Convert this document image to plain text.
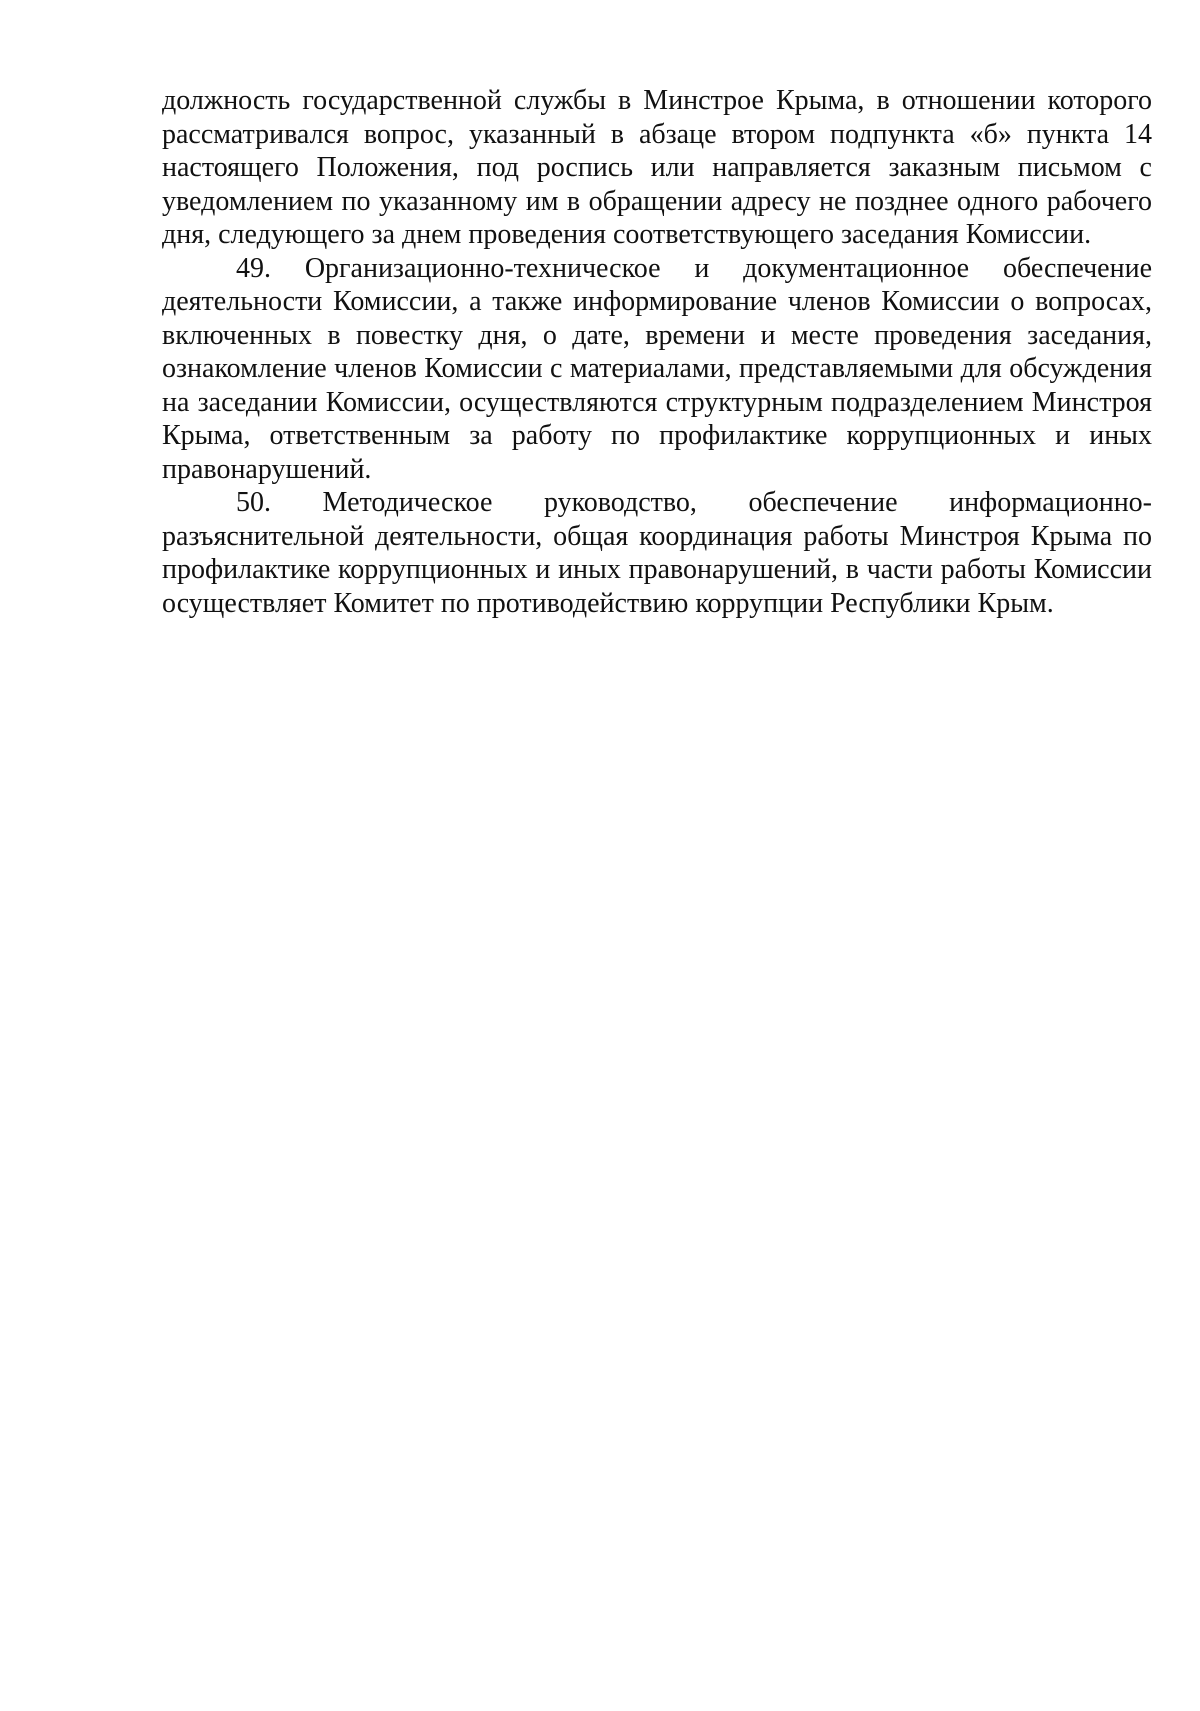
должность государственной службы в Минстрое Крыма, в отношении которого рассматривался вопрос, указанный в абзаце втором подпункта «б» пункта 14 настоящего Положения, под роспись или направляется заказным письмом с уведомлением по указанному им в обращении адресу не позднее одного рабочего дня, следующего за днем проведения соответствующего заседания Комиссии.

49. Организационно-техническое и документационное обеспечение деятельности Комиссии, а также информирование членов Комиссии о вопросах, включенных в повестку дня, о дате, времени и месте проведения заседания, ознакомление членов Комиссии с материалами, представляемыми для обсуждения на заседании Комиссии, осуществляются структурным подразделением Минстроя Крыма, ответственным за работу по профилактике коррупционных и иных правонарушений.

50. Методическое руководство, обеспечение информационно-разъяснительной деятельности, общая координация работы Минстроя Крыма по профилактике коррупционных и иных правонарушений, в части работы Комиссии осуществляет Комитет по противодействию коррупции Республики Крым.
